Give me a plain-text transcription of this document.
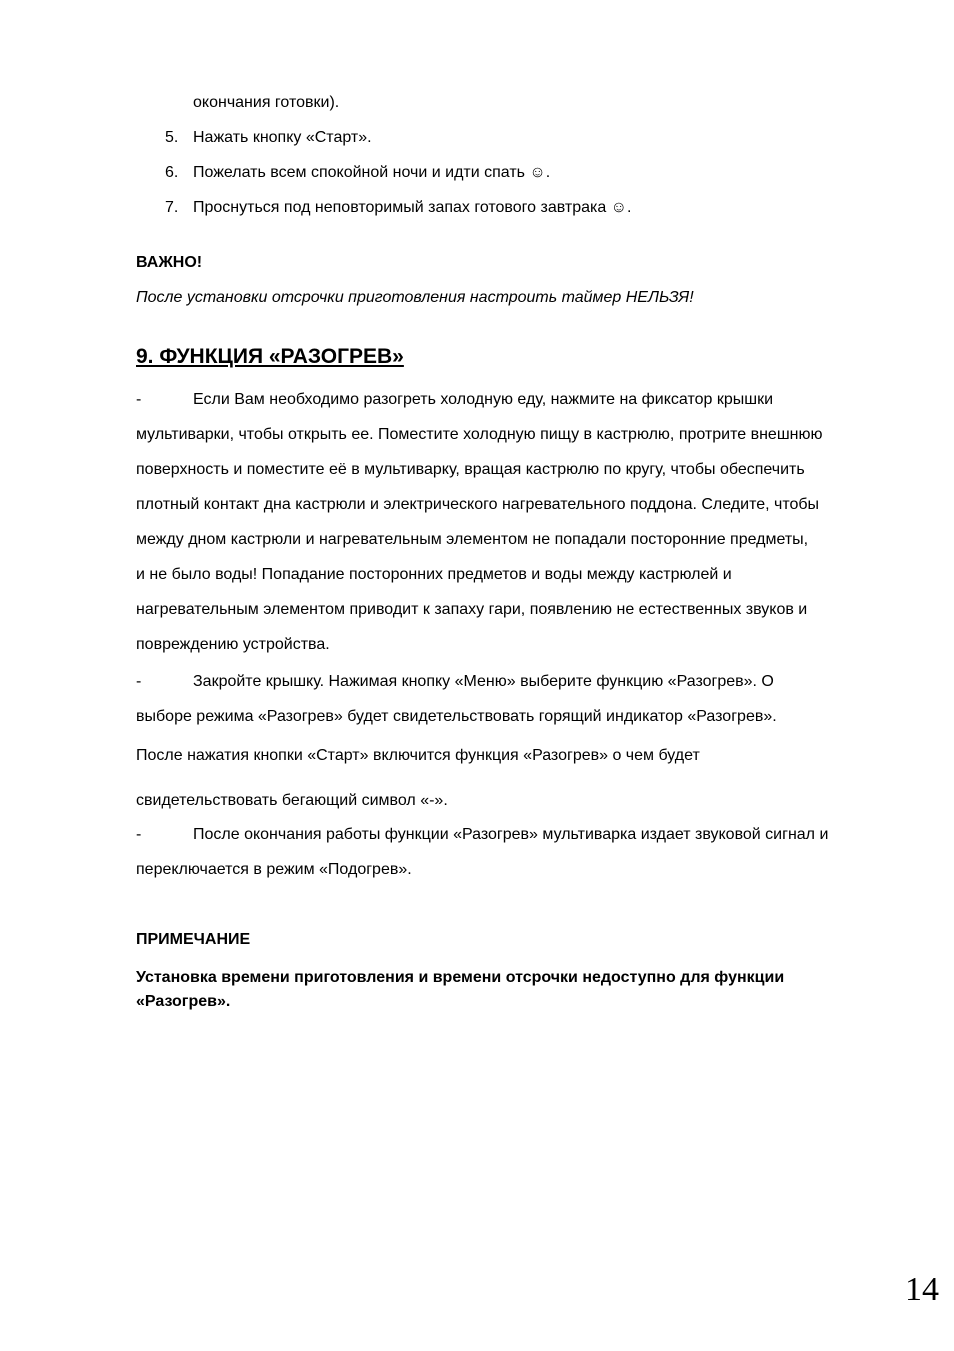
окончания готовки).

5. Нажать кнопку «Старт».

6. Пожелать всем спокойной ночи и идти спать ☺.

7. Проснуться под неповторимый запах готового завтрака ☺.

ВАЖНО!

После установки отсрочки приготовления настроить таймер НЕЛЬЗЯ!

9. ФУНКЦИЯ «РАЗОГРЕВ»
-	Если Вам необходимо разогреть холодную еду, нажмите на фиксатор крышки
мультиварки, чтобы открыть ее. Поместите холодную пищу в кастрюлю, протрите внешнюю
поверхность и поместите её в мультиварку, вращая кастрюлю по кругу, чтобы обеспечить
плотный контакт дна кастрюли и электрического нагревательного поддона. Следите, чтобы
между дном кастрюли и нагревательным элементом не попадали посторонние предметы,
и не было воды! Попадание посторонних предметов и воды между кастрюлей и
нагревательным элементом приводит к запаху гари, появлению не естественных звуков и
повреждению устройства.
-	Закройте крышку. Нажимая кнопку «Меню» выберите функцию «Разогрев». О
выборе режима «Разогрев» будет свидетельствовать горящий индикатор «Разогрев».
После нажатия кнопки «Старт» включится функция «Разогрев» о чем будет
свидетельствовать бегающий символ «-».
-	После окончания работы функции «Разогрев» мультиварка издает звуковой сигнал и
переключается в режим «Подогрев».

ПРИМЕЧАНИЕ

Установка времени приготовления и времени отсрочки недоступно для функции «Разогрев».

14
